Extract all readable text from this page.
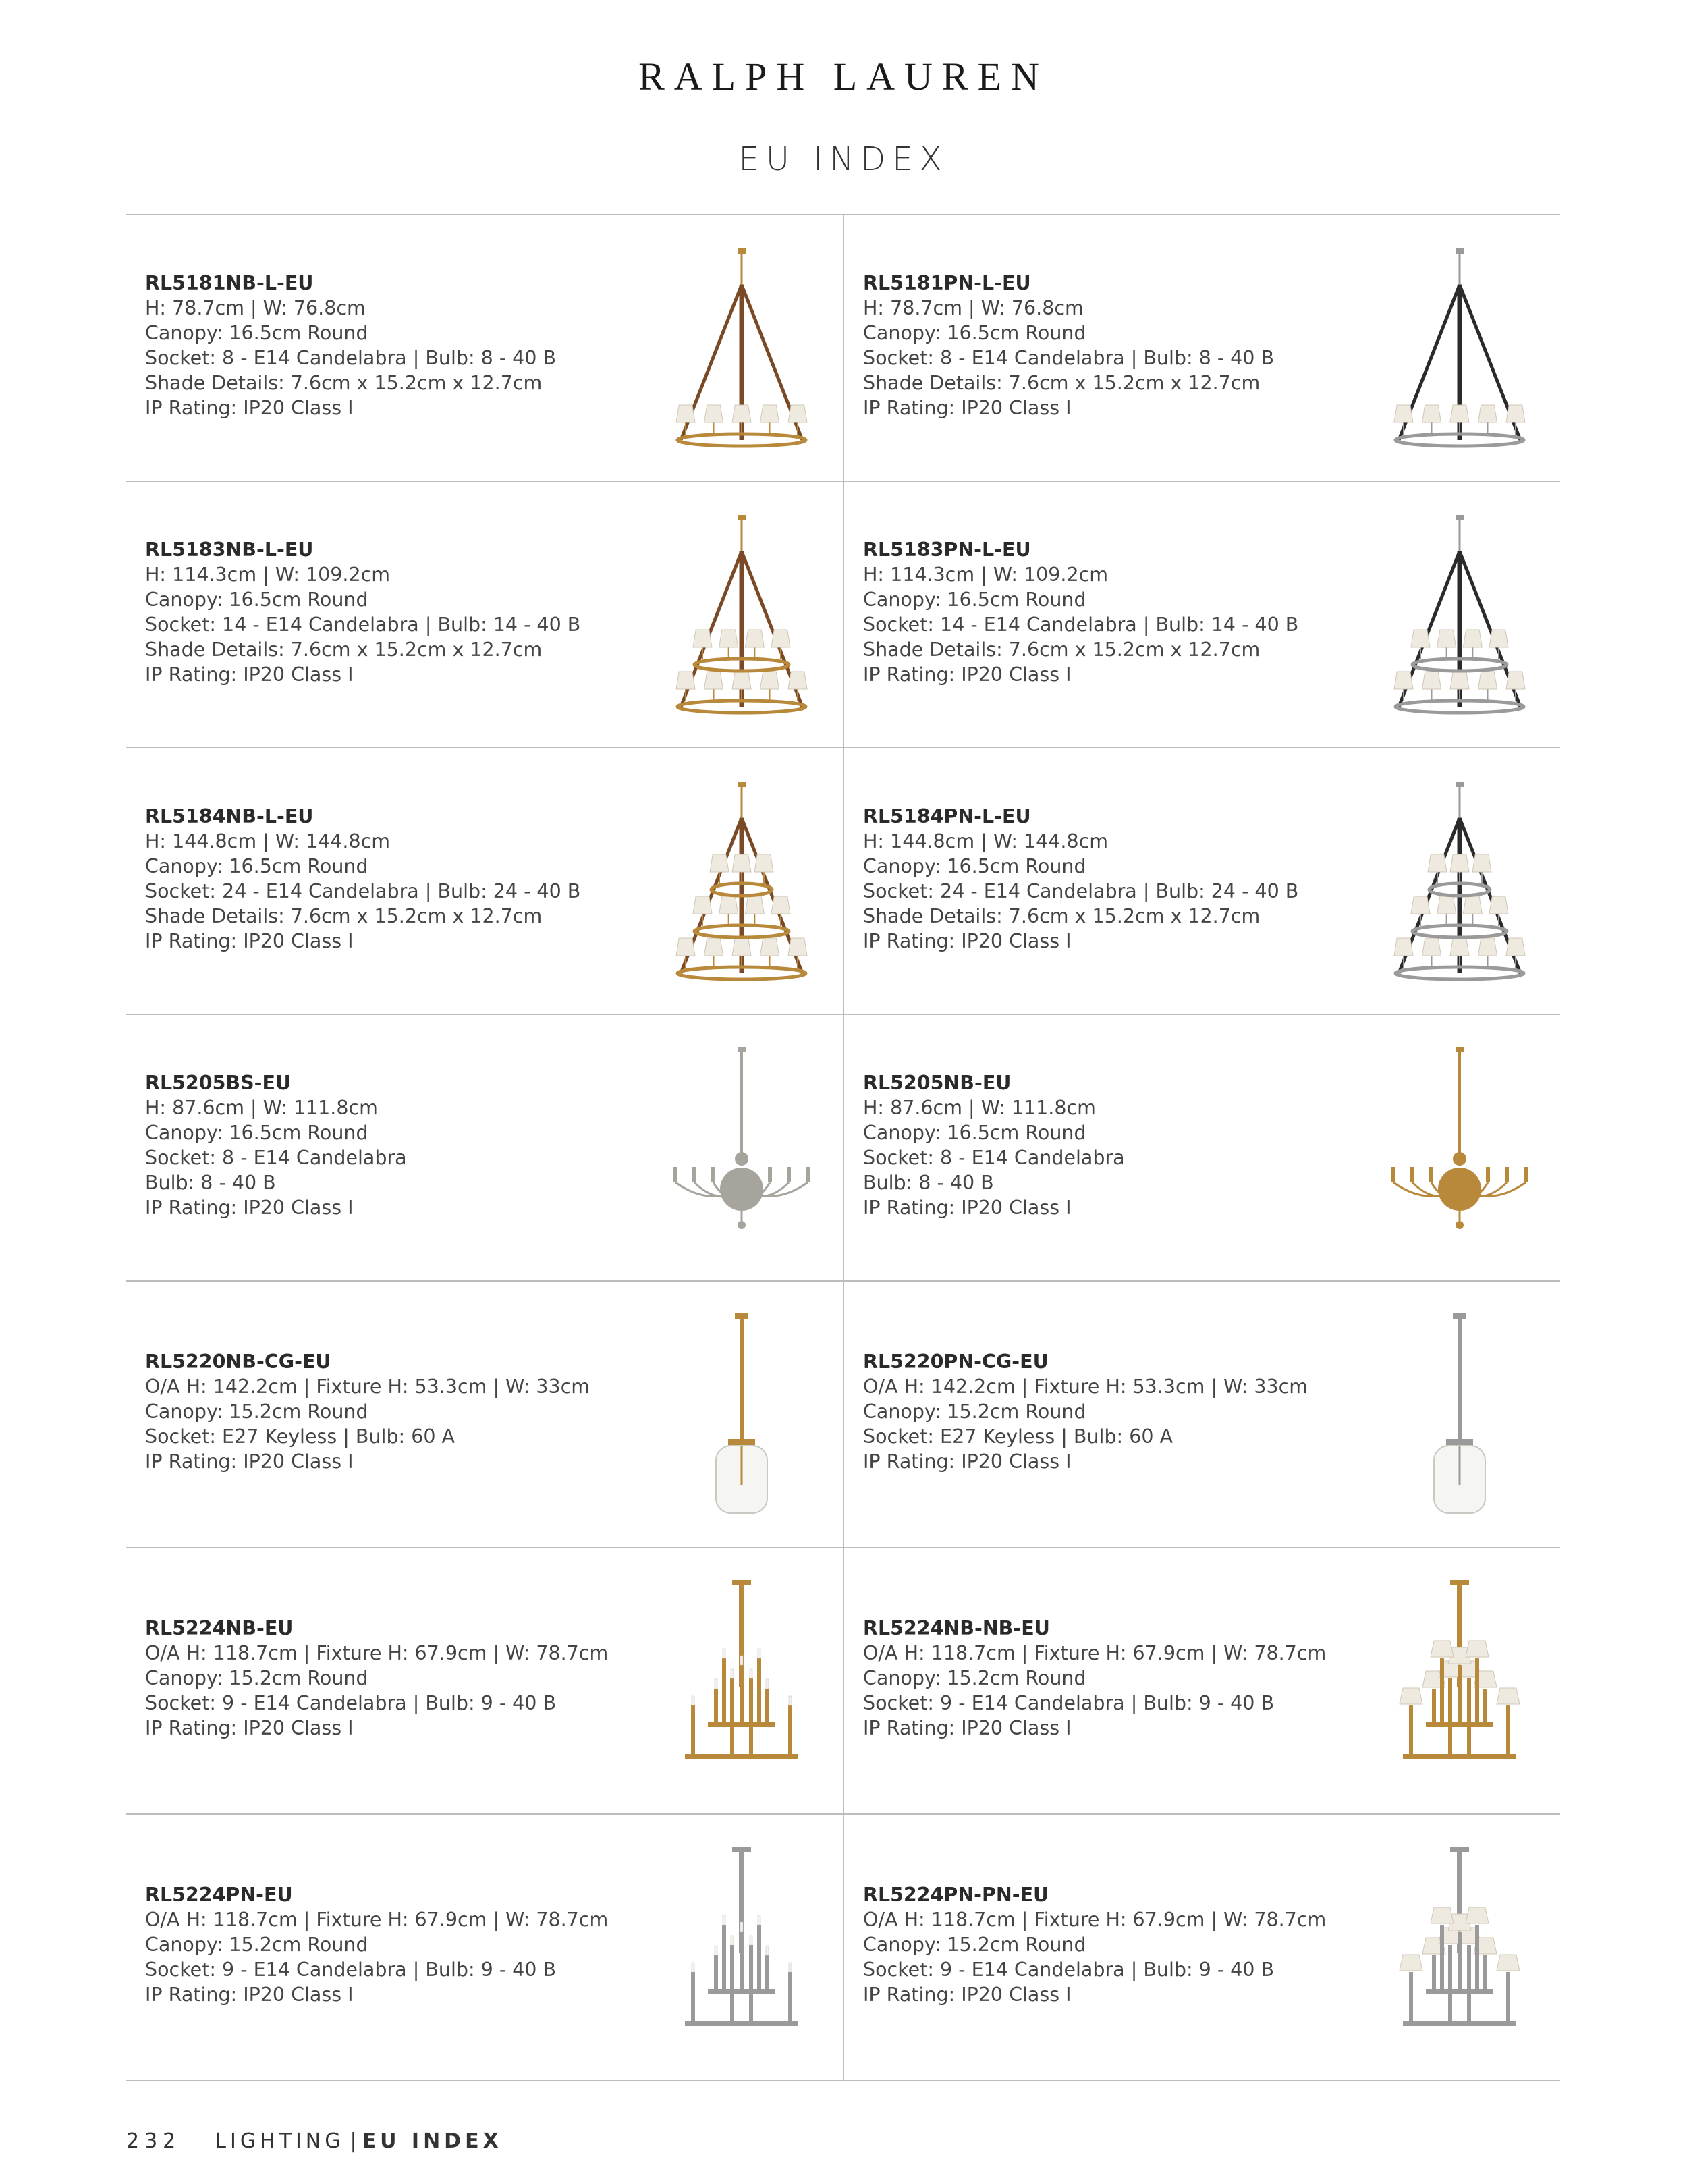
RALPH LAUREN
EU INDEX
RL5181NB-L-EU
H: 78.7cm | W: 76.8cm
Canopy: 16.5cm Round
Socket: 8 - E14 Candelabra | Bulb: 8 - 40 B
Shade Details: 7.6cm x 15.2cm x 12.7cm
IP Rating: IP20 Class I
RL5181PN-L-EU
H: 78.7cm | W: 76.8cm
Canopy: 16.5cm Round
Socket: 8 - E14 Candelabra | Bulb: 8 - 40 B
Shade Details: 7.6cm x 15.2cm x 12.7cm
IP Rating: IP20 Class I
RL5183NB-L-EU
H: 114.3cm | W: 109.2cm
Canopy: 16.5cm Round
Socket: 14 - E14 Candelabra | Bulb: 14 - 40 B
Shade Details: 7.6cm x 15.2cm x 12.7cm
IP Rating: IP20 Class I
RL5183PN-L-EU
H: 114.3cm | W: 109.2cm
Canopy: 16.5cm Round
Socket: 14 - E14 Candelabra | Bulb: 14 - 40 B
Shade Details: 7.6cm x 15.2cm x 12.7cm
IP Rating: IP20 Class I
RL5184NB-L-EU
H: 144.8cm | W: 144.8cm
Canopy: 16.5cm Round
Socket: 24 - E14 Candelabra | Bulb: 24 - 40 B
Shade Details: 7.6cm x 15.2cm x 12.7cm
IP Rating: IP20 Class I
RL5184PN-L-EU
H: 144.8cm | W: 144.8cm
Canopy: 16.5cm Round
Socket: 24 - E14 Candelabra | Bulb: 24 - 40 B
Shade Details: 7.6cm x 15.2cm x 12.7cm
IP Rating: IP20 Class I
RL5205BS-EU
H: 87.6cm | W: 111.8cm
Canopy: 16.5cm Round
Socket: 8 - E14 Candelabra
Bulb: 8 - 40 B
IP Rating: IP20 Class I
RL5205NB-EU
H: 87.6cm | W: 111.8cm
Canopy: 16.5cm Round
Socket: 8 - E14 Candelabra
Bulb: 8 - 40 B
IP Rating: IP20 Class I
RL5220NB-CG-EU
O/A H: 142.2cm | Fixture H: 53.3cm | W: 33cm
Canopy: 15.2cm Round
Socket: E27 Keyless | Bulb: 60 A
IP Rating: IP20 Class I
RL5220PN-CG-EU
O/A H: 142.2cm | Fixture H: 53.3cm | W: 33cm
Canopy: 15.2cm Round
Socket: E27 Keyless | Bulb: 60 A
IP Rating: IP20 Class I
RL5224NB-EU
O/A H: 118.7cm | Fixture H: 67.9cm | W: 78.7cm
Canopy: 15.2cm Round
Socket: 9 - E14 Candelabra | Bulb: 9 - 40 B
IP Rating: IP20 Class I
RL5224NB-NB-EU
O/A H: 118.7cm | Fixture H: 67.9cm | W: 78.7cm
Canopy: 15.2cm Round
Socket: 9 - E14 Candelabra | Bulb: 9 - 40 B
IP Rating: IP20 Class I
RL5224PN-EU
O/A H: 118.7cm | Fixture H: 67.9cm | W: 78.7cm
Canopy: 15.2cm Round
Socket: 9 - E14 Candelabra | Bulb: 9 - 40 B
IP Rating: IP20 Class I
RL5224PN-PN-EU
O/A H: 118.7cm | Fixture H: 67.9cm | W: 78.7cm
Canopy: 15.2cm Round
Socket: 9 - E14 Candelabra | Bulb: 9 - 40 B
IP Rating: IP20 Class I
232 LIGHTING | EU INDEX
